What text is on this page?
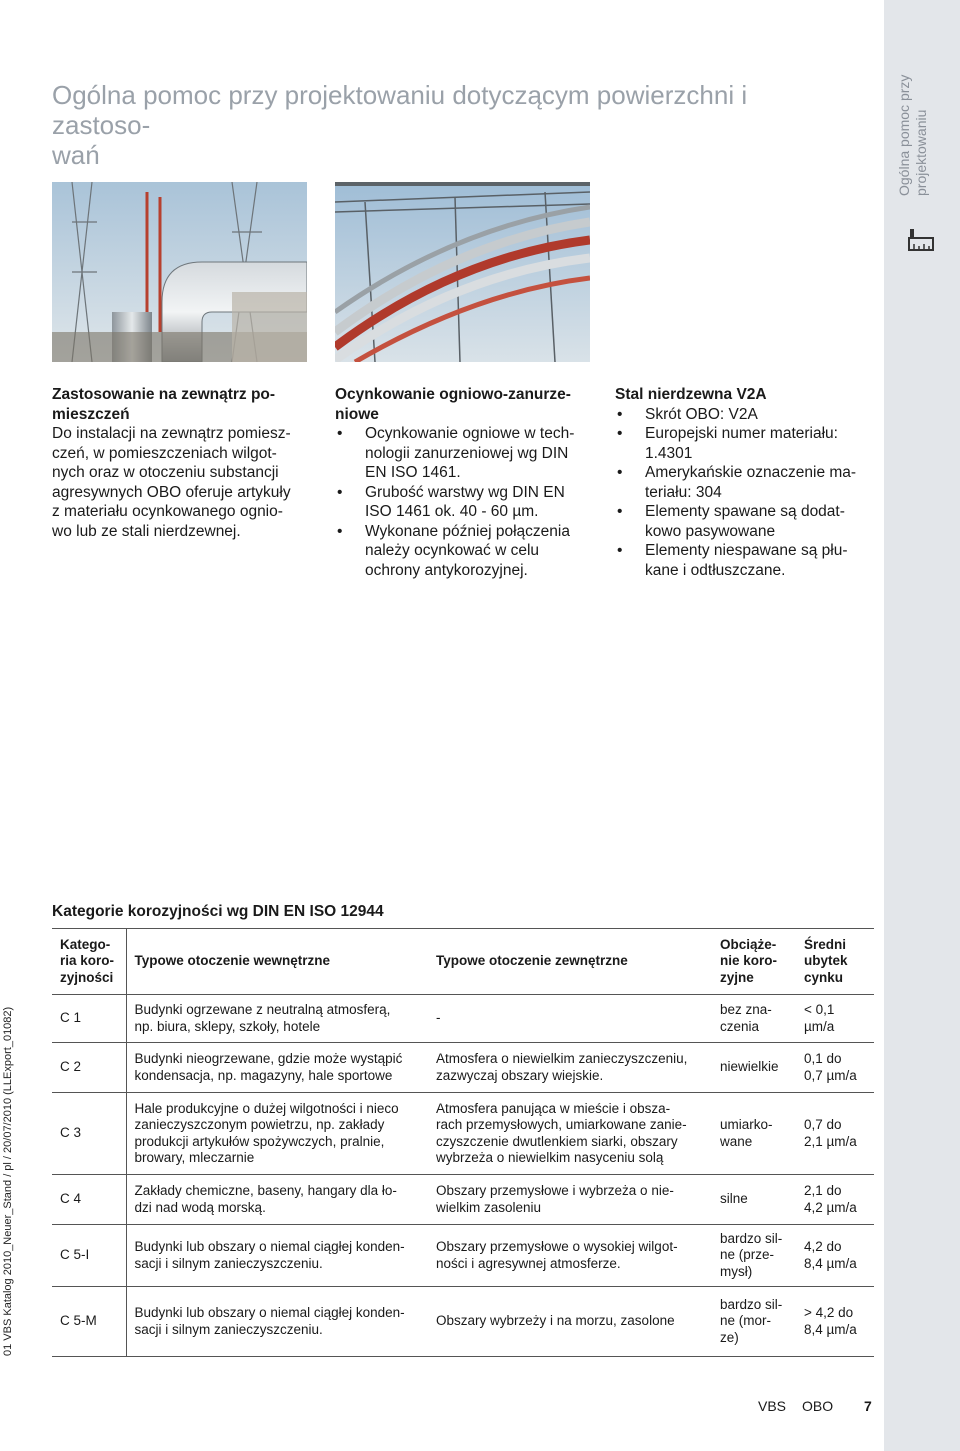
Ogólna pomoc przy projektowaniu
Ogólna pomoc przy projektowaniu dotyczącym powierzchni i zastoso-
wań
Zastosowanie na zewnątrz po-
mieszczeń

Do instalacji na zewnątrz pomiesz-
czeń, w pomieszczeniach wilgot-
nych oraz w otoczeniu substancji
agresywnych OBO oferuje artykuły
z materiału ocynkowanego ognio-
wo lub ze stali nierdzewnej.

Ocynkowanie ogniowo-zanurze-
niowe
• Ocynkowanie ogniowe w tech-
nologii zanurzeniowej wg DIN
EN ISO 1461.
• Grubość warstwy wg DIN EN
ISO 1461 ok. 40 - 60 µm.
• Wykonane później połączenia
należy ocynkować w celu
ochrony antykorozyjnej.
Stal nierdzewna V2A
• Skrót OBO: V2A
• Europejski numer materiału:
1.4301
• Amerykańskie oznaczenie ma-
teriału: 304
• Elementy spawane są dodat-
kowo pasywowane
• Elementy niespawane są płu-
kane i odtłuszczane.
Kategorie korozyjności wg DIN EN ISO 12944
Katego-
ria koro-
zyjności	Typowe otoczenie wewnętrzne	Typowe otoczenie zewnętrzne	Obciąże-
nie koro-
zyjne	Średni
ubytek
cynku
C 1	Budynki ogrzewane z neutralną atmosferą,
np. biura, sklepy, szkoły, hotele	-	bez zna-
czenia	< 0,1
µm/a
C 2	Budynki nieogrzewane, gdzie może wystąpić
kondensacja, np. magazyny, hale sportowe	Atmosfera o niewielkim zanieczyszczeniu,
zazwyczaj obszary wiejskie.	niewielkie	0,1 do
0,7 µm/a
C 3	Hale produkcyjne o dużej wilgotności i nieco
zanieczyszczonym powietrzu, np. zakłady
produkcji artykułów spożywczych, pralnie,
browary, mleczarnie	Atmosfera panująca w mieście i obsza-
rach przemysłowych, umiarkowane zanie-
czyszczenie dwutlenkiem siarki, obszary
wybrzeża o niewielkim nasyceniu solą	umiarko-
wane	0,7 do
2,1 µm/a
C 4	Zakłady chemiczne, baseny, hangary dla ło-
dzi nad wodą morską.	Obszary przemysłowe i wybrzeża o nie-
wielkim zasoleniu	silne	2,1 do
4,2 µm/a
C 5-I	Budynki lub obszary o niemal ciągłej konden-
sacji i silnym zanieczyszczeniu.	Obszary przemysłowe o wysokiej wilgot-
ności i agresywnej atmosferze.	bardzo sil-
ne (prze-
mysł)	4,2 do
8,4 µm/a
C 5-M	Budynki lub obszary o niemal ciągłej konden-
sacji i silnym zanieczyszczeniu.	Obszary wybrzeży i na morzu, zasolone	bardzo sil-
ne (mor-
ze)	> 4,2 do
8,4 µm/a
01 VBS Katalog 2010_Neuer_Stand / pl / 20/07/2010 (LLExport_01082)
VBS OBO 7
